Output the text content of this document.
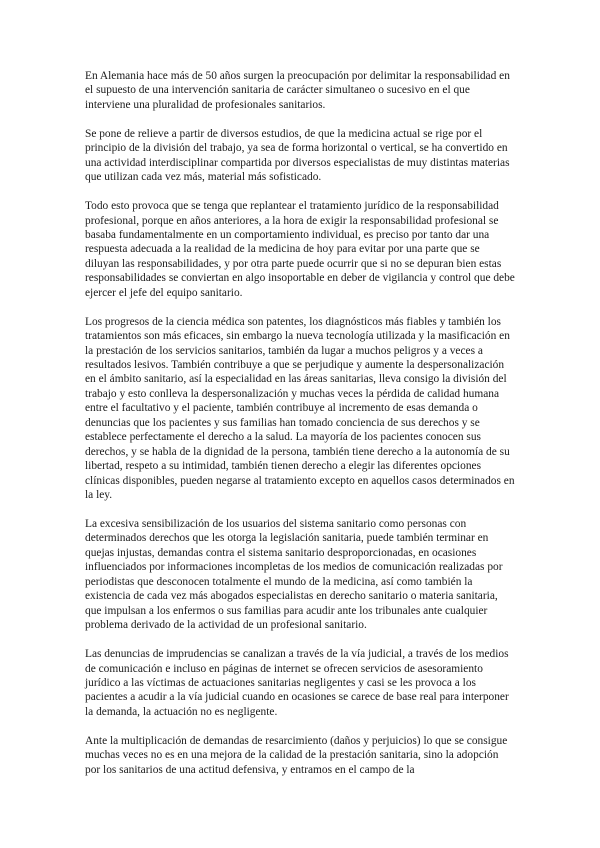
En Alemania hace más de 50 años surgen la preocupación por delimitar la responsabilidad en el supuesto de una intervención sanitaria de carácter simultaneo o sucesivo en el que interviene una pluralidad de profesionales sanitarios.

Se pone de relieve a partir de diversos estudios, de que la medicina actual se rige por el principio de la división del trabajo, ya sea de forma horizontal o vertical, se ha convertido en una actividad interdisciplinar compartida por diversos especialistas de muy distintas materias que utilizan cada vez más, material más sofisticado.

Todo esto provoca que se tenga que replantear el tratamiento jurídico de la responsabilidad profesional, porque en años anteriores, a la hora de exigir la responsabilidad profesional se basaba fundamentalmente en un comportamiento individual, es preciso por tanto dar una respuesta adecuada a la realidad de la medicina de hoy para evitar por una parte que se diluyan las responsabilidades, y por otra parte puede ocurrir que si no se depuran bien estas responsabilidades se conviertan en algo insoportable en deber de vigilancia y control que debe ejercer el jefe del equipo sanitario.

Los progresos de la ciencia médica son patentes, los diagnósticos más fiables y también los tratamientos son más eficaces, sin embargo la nueva tecnología utilizada y la masificación en la prestación de los servicios sanitarios, también da lugar a muchos peligros y a veces a resultados lesivos. También contribuye a que se perjudique y aumente la despersonalización en el ámbito sanitario, así la especialidad en las áreas sanitarias, lleva consigo la división del trabajo y esto conlleva la despersonalización y muchas veces la pérdida de calidad humana entre el facultativo y el paciente, también contribuye al incremento de esas demanda o denuncias que los pacientes y sus familias han tomado conciencia de sus derechos y se establece perfectamente el derecho a la salud. La mayoría de los pacientes conocen sus derechos, y se habla de la dignidad de la persona, también tiene derecho a la autonomía de su libertad, respeto a su intimidad, también tienen derecho a elegir las diferentes opciones clínicas disponibles, pueden negarse al tratamiento excepto en aquellos casos determinados en la ley.

La excesiva sensibilización de los usuarios del sistema sanitario como personas con determinados derechos que les otorga la legislación sanitaria, puede también terminar en quejas injustas, demandas contra el sistema sanitario desproporcionadas, en ocasiones influenciados por informaciones incompletas de los medios de comunicación realizadas por periodistas que desconocen totalmente el mundo de la medicina, así como también la existencia de cada vez más abogados especialistas en derecho sanitario o materia sanitaria, que impulsan a los enfermos o sus familias para acudir ante los tribunales ante cualquier problema derivado de la actividad de un profesional sanitario.

Las denuncias de imprudencias se canalizan a través de la vía judicial, a través de los medios de comunicación e incluso en páginas de internet se ofrecen servicios de asesoramiento jurídico a las víctimas de actuaciones sanitarias negligentes y casi se les provoca a los pacientes a acudir a la vía judicial cuando en ocasiones se carece de base real para interponer la demanda, la actuación no es negligente.

Ante la multiplicación de demandas de resarcimiento (daños y perjuicios) lo que se consigue muchas veces no es en una mejora de la calidad de la prestación sanitaria, sino la adopción por los sanitarios de una actitud defensiva, y entramos en el campo de la
